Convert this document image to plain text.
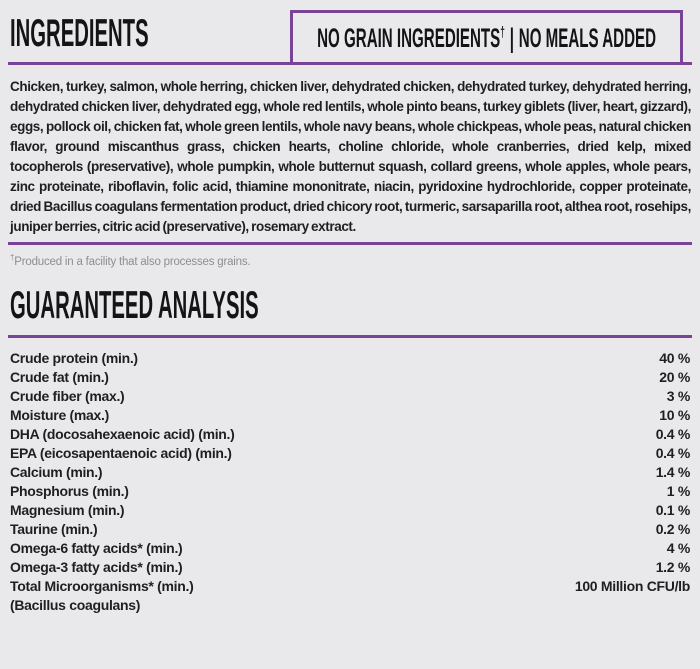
INGREDIENTS	NO GRAIN INGREDIENTS† | NO MEALS ADDED

Chicken, turkey, salmon, whole herring, chicken liver, dehydrated chicken, dehydrated turkey, dehydrated herring, dehydrated chicken liver, dehydrated egg, whole red lentils, whole pinto beans, turkey giblets (liver, heart, gizzard), eggs, pollock oil, chicken fat, whole green lentils, whole navy beans, whole chickpeas, whole peas, natural chicken flavor, ground miscanthus grass, chicken hearts, choline chloride, whole cranberries, dried kelp, mixed tocopherols (preservative), whole pumpkin, whole butternut squash, collard greens, whole apples, whole pears, zinc proteinate, riboflavin, folic acid, thiamine mononitrate, niacin, pyridoxine hydrochloride, copper proteinate, dried Bacillus coagulans fermentation product, dried chicory root, turmeric, sarsaparilla root, althea root, rosehips, juniper berries, citric acid (preservative), rosemary extract.

†Produced in a facility that also processes grains.

GUARANTEED ANALYSIS
Crude protein (min.)	40 %
Crude fat (min.)	20 %
Crude fiber (max.)	3 %
Moisture (max.)	10 %
DHA (docosahexaenoic acid) (min.)	0.4 %
EPA (eicosapentaenoic acid) (min.)	0.4 %
Calcium (min.)	1.4 %
Phosphorus (min.)	1 %
Magnesium (min.)	0.1 %
Taurine (min.)	0.2 %
Omega-6 fatty acids* (min.)	4 %
Omega-3 fatty acids* (min.)	1.2 %
Total Microorganisms* (min.)	100 Million CFU/lb
(Bacillus coagulans)
